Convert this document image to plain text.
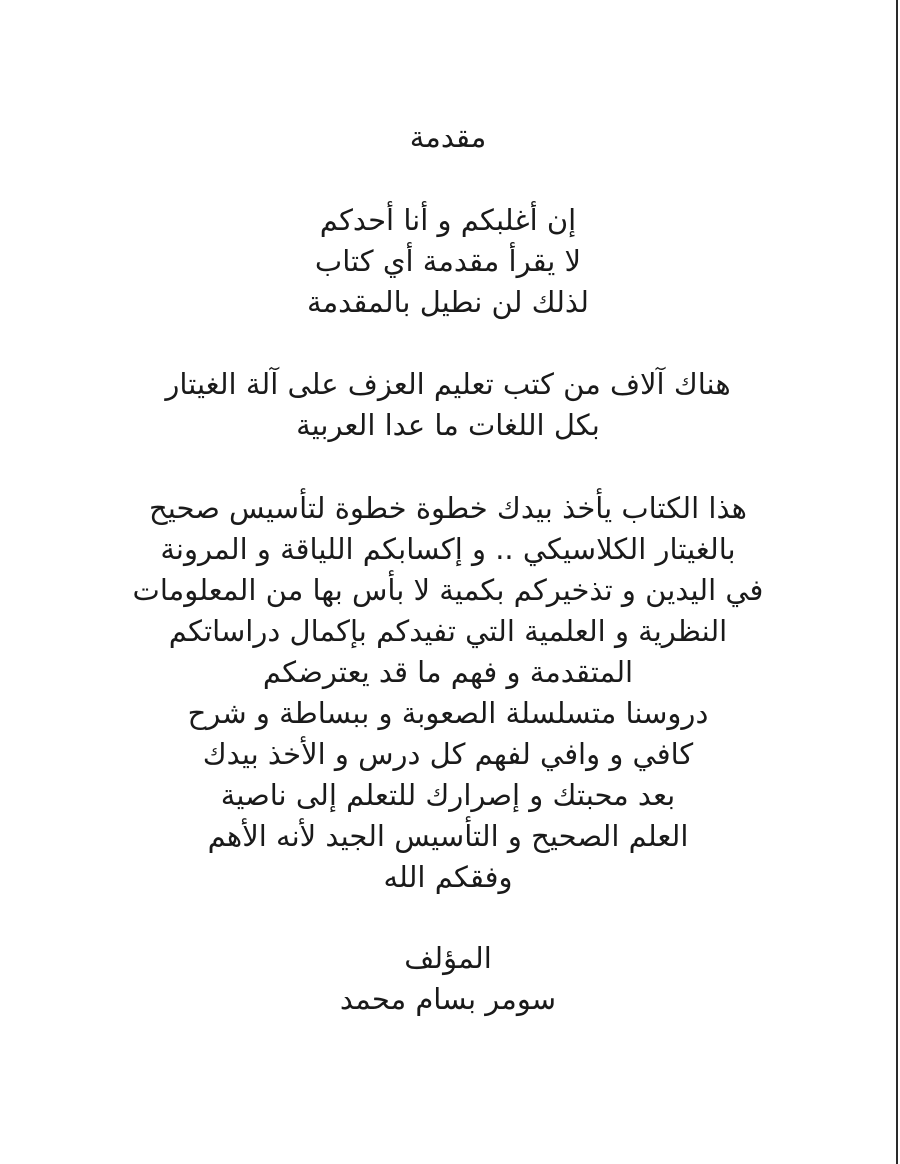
مقدمة
إن أغلبكم و أنا أحدكم
لا يقرأ مقدمة أي كتاب
لذلك لن نطيل بالمقدمة
هناك آلاف من كتب تعليم العزف على آلة الغيتار
بكل اللغات ما عدا العربية
هذا الكتاب يأخذ بيدك خطوة خطوة لتأسيس صحيح
بالغيتار الكلاسيكي .. و إكسابكم اللياقة و المرونة
في اليدين و تذخيركم بكمية لا بأس بها من المعلومات
النظرية و العلمية التي تفيدكم بإكمال دراساتكم
المتقدمة و فهم ما قد يعترضكم
دروسنا متسلسلة الصعوبة و ببساطة و شرح
كافي و وافي لفهم كل درس و الأخذ بيدك
بعد محبتك و إصرارك للتعلم إلى ناصية
العلم الصحيح و التأسيس الجيد لأنه الأهم
وفقكم الله
المؤلف
سومر بسام محمد
